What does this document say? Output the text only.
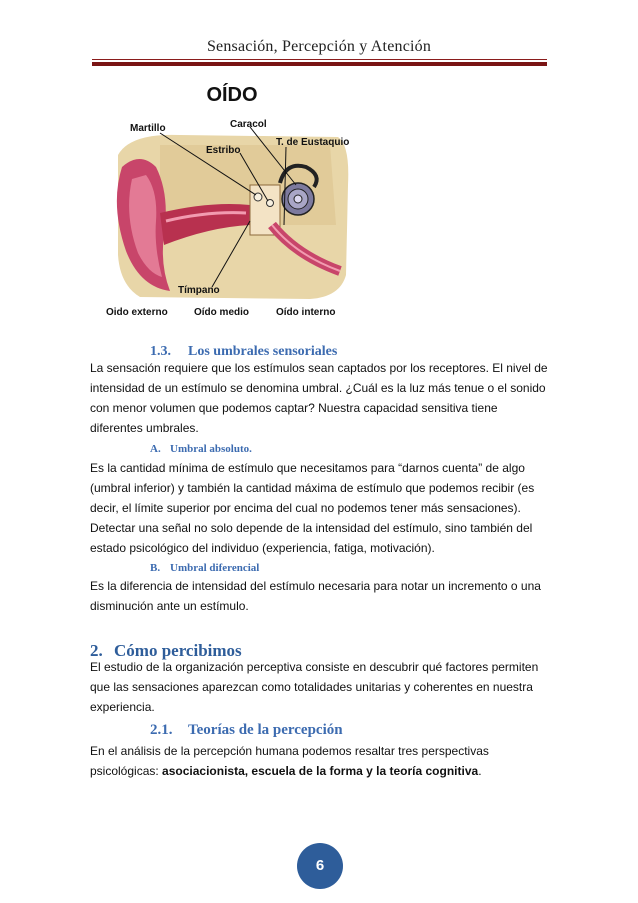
Sensación, Percepción y Atención
OÍDO
Martillo	Caracol
Estribo
T. de Eustaquio
Tímpano
Oido externo	Oído medio	Oído interno
1.3. Los umbrales sensoriales
La sensación requiere que los estímulos sean captados por los receptores. El nivel de intensidad de un estímulo se denomina umbral. ¿Cuál es la luz más tenue o el sonido con menor volumen que podemos captar? Nuestra capacidad sensitiva tiene diferentes umbrales.
A. Umbral absoluto.
Es la cantidad mínima de estímulo que necesitamos para “darnos cuenta” de algo (umbral inferior) y también la cantidad máxima de estímulo que podemos recibir (es decir, el límite superior por encima del cual no podemos tener más sensaciones). Detectar una señal no solo depende de la intensidad del estímulo, sino también del estado psicológico del individuo (experiencia, fatiga, motivación).
B. Umbral diferencial
Es la diferencia de intensidad del estímulo necesaria para notar un incremento o una disminución ante un estímulo.
2. Cómo percibimos
El estudio de la organización perceptiva consiste en descubrir qué factores permiten que las sensaciones aparezcan como totalidades unitarias y coherentes en nuestra experiencia.
2.1. Teorías de la percepción
En el análisis de la percepción humana podemos resaltar tres perspectivas psicológicas: asociacionista, escuela de la forma y la teoría cognitiva.
6
